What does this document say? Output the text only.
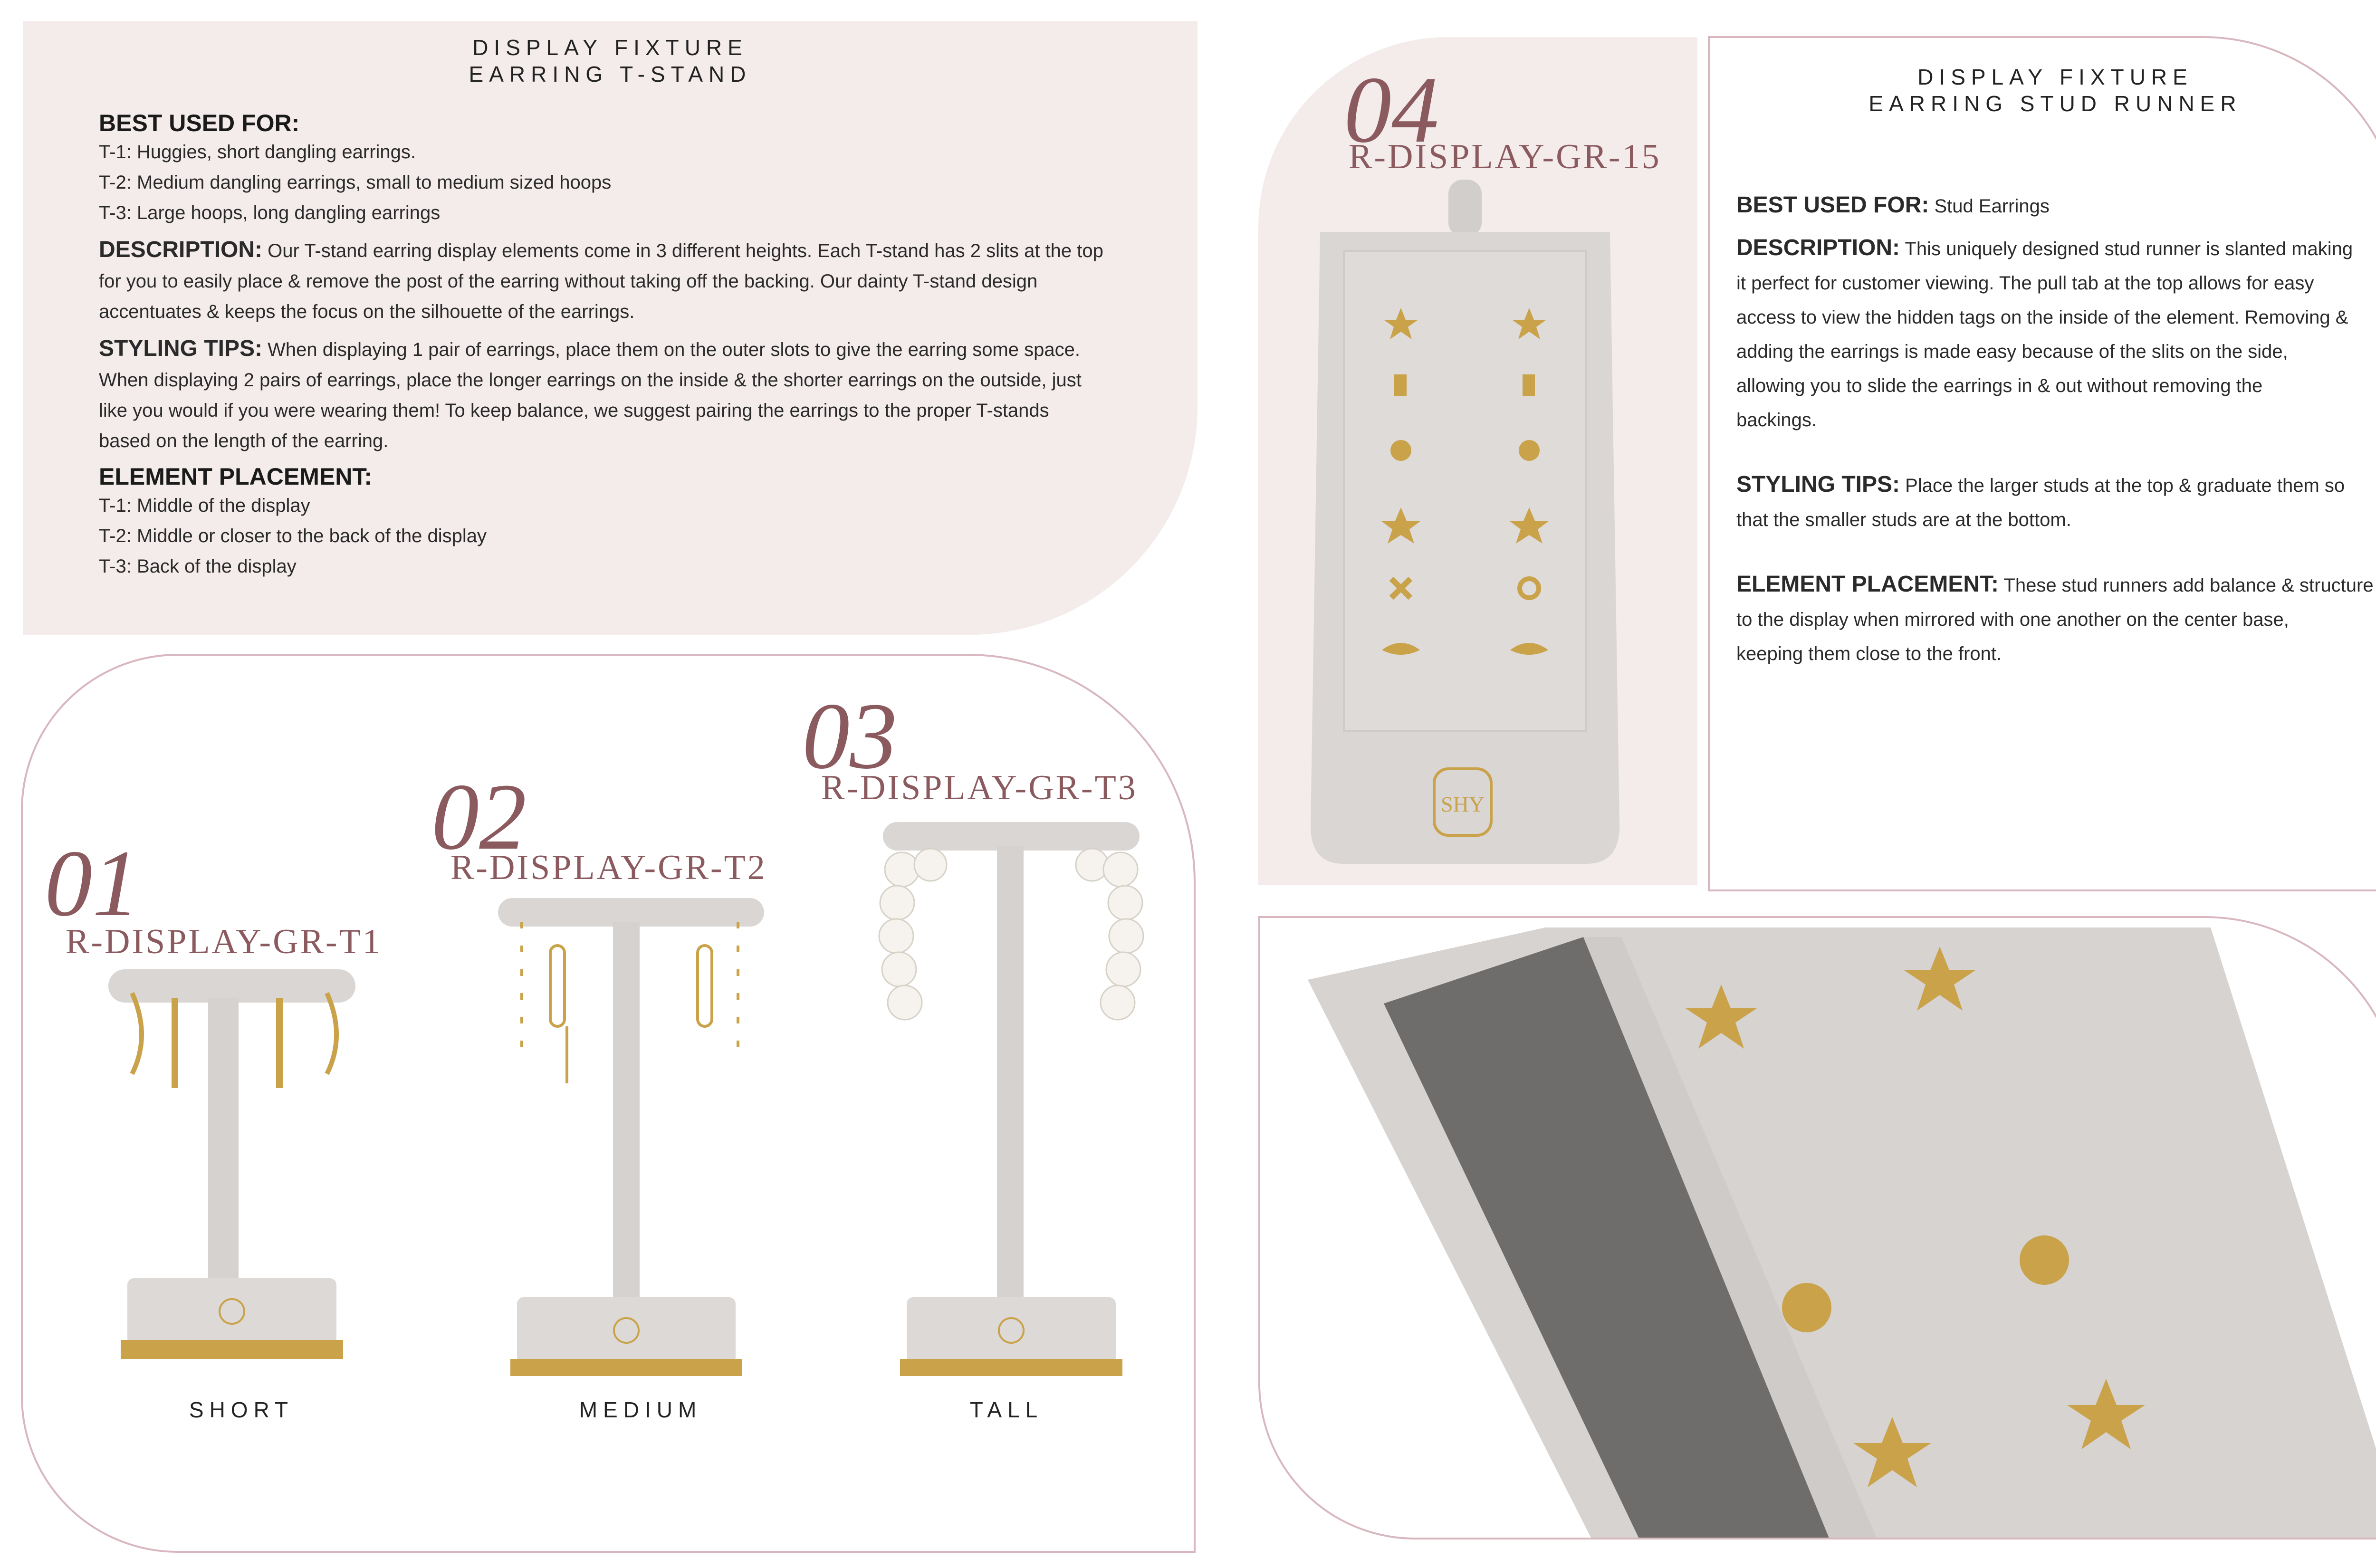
DISPLAY FIXTURE
EARRING T-STAND
BEST USED FOR:
T-1: Huggies, short dangling earrings.
T-2: Medium dangling earrings, small to medium sized hoops
T-3: Large hoops, long dangling earrings
DESCRIPTION: Our T-stand earring display elements come in 3 different heights. Each T-stand has 2 slits at the top
for you to easily place & remove the post of the earring without taking off the backing. Our dainty T-stand design
accentuates & keeps the focus on the silhouette of the earrings.
STYLING TIPS: When displaying 1 pair of earrings, place them on the outer slots to give the earring some space.
When displaying 2 pairs of earrings, place the longer earrings on the inside & the shorter earrings on the outside, just
like you would if you were wearing them! To keep balance, we suggest pairing the earrings to the proper T-stands
based on the length of the earring.
ELEMENT PLACEMENT:
T-1: Middle of the display
T-2: Middle or closer to the back of the display
T-3: Back of the display
01
R-DISPLAY-GR-T1
SHORT
02
R-DISPLAY-GR-T2
MEDIUM
03
R-DISPLAY-GR-T3
TALL
04
R-DISPLAY-GR-15
SHY
DISPLAY FIXTURE
EARRING STUD RUNNER
BEST USED FOR: Stud Earrings
DESCRIPTION: This uniquely designed stud runner is slanted making
it perfect for customer viewing. The pull tab at the top allows for easy
access to view the hidden tags on the inside of the element. Removing &
adding the earrings is made easy because of the slits on the side,
allowing you to slide the earrings in & out without removing the
backings.
STYLING TIPS: Place the larger studs at the top & graduate them so
that the smaller studs are at the bottom.
ELEMENT PLACEMENT: These stud runners add balance & structure
to the display when mirrored with one another on the center base,
keeping them close to the front.
